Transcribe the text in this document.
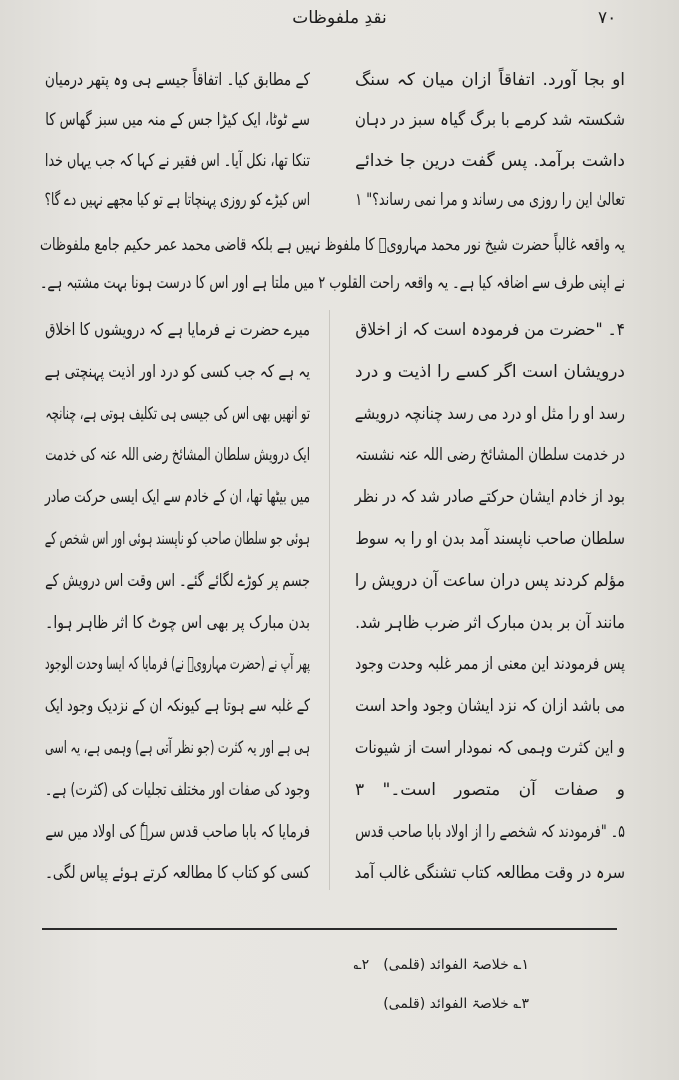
نقدِ ملفوظات	۷۰
او بجا آورد. اتفاقاً ازان میان کہ سنگ
شکستہ شد کرمے با برگ گیاہ سبز در دہان
داشت برآمد. پس گفت درین جا خدائے
تعالیٰ این را روزی می رساند و مرا نمی رساند؟" ۱
کے مطابق کیا۔ اتفاقاً جیسے ہی وہ پتھر درمیان
سے ٹوٹا، ایک کیڑا جس کے منہ میں سبز گھاس کا
تنکا تھا، نکل آیا۔ اس فقیر نے کہا کہ جب یہاں خدا
اس کیڑے کو روزی پہنچاتا ہے تو کیا مجھے نہیں دے گا؟
یہ واقعہ غالباً حضرت شیخ نور محمد مہارویؒ کا ملفوظ نہیں ہے بلکہ قاضی محمد عمر حکیم جامع ملفوظات
نے اپنی طرف سے اضافہ کیا ہے۔ یہ واقعہ راحت القلوب ۲ میں ملتا ہے اور اس کا درست ہونا بہت مشتبہ ہے۔
۴۔ "حضرت من فرمودہ است کہ از اخلاق
درویشان است اگر کسے را اذیت و درد
رسد او را مثل او درد می رسد چنانچہ درویشے
در خدمت سلطان المشائخ رضی اللہ عنہ نشستہ
بود از خادم ایشان حرکتے صادر شد کہ در نظر
سلطان صاحب ناپسند آمد بدن او را بہ سوط
مؤلم کردند پس دران ساعت آن درویش را
مانند آن بر بدن مبارک اثر ضرب ظاہر شد.
پس فرمودند این معنی از ممر غلبہ وحدت وجود
می باشد ازان کہ نزد ایشان وجود واحد است
و این کثرت وہمی کہ نمودار است از شیونات
و صفات آن متصور است۔" ۳
۵۔ "فرمودند کہ شخصے را از اولاد بابا صاحب قدس
سرہ در وقت مطالعہ کتاب تشنگی غالب آمد
میرے حضرت نے فرمایا ہے کہ درویشوں کا اخلاق
یہ ہے کہ جب کسی کو درد اور اذیت پہنچتی ہے
تو انھیں بھی اس کی جیسی ہی تکلیف ہوتی ہے، چنانچہ
ایک درویش سلطان المشائخ رضی اللہ عنہ کی خدمت
میں بیٹھا تھا، ان کے خادم سے ایک ایسی حرکت صادر
ہوئی جو سلطان صاحب کو ناپسند ہوئی اور اس شخص کے
جسم پر کوڑے لگائے گئے۔ اس وقت اس درویش کے
بدن مبارک پر بھی اس چوٹ کا اثر ظاہر ہوا۔
پھر آپ نے (حضرت مہارویؒ نے) فرمایا کہ ایسا وحدت الوجود
کے غلبہ سے ہوتا ہے کیونکہ ان کے نزدیک وجود ایک
ہی ہے اور یہ کثرت (جو نظر آتی ہے) وہمی ہے، یہ اسی
وجود کی صفات اور مختلف تجلیات کی (کثرت) ہے۔
فرمایا کہ بابا صاحب قدس سرہٗ کی اولاد میں سے
کسی کو کتاب کا مطالعہ کرتے ہوئے پیاس لگی۔
۱؎ خلاصۃ الفوائد (قلمی)۲؎
۳؎ خلاصۃ الفوائد (قلمی)
